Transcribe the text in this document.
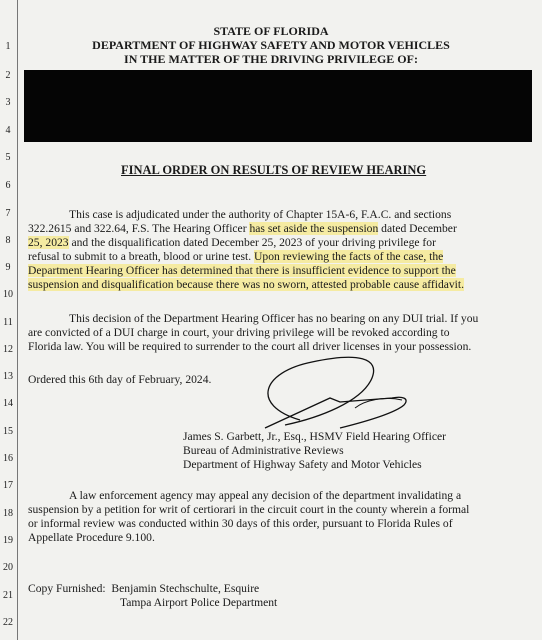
1
2
3
4
5
6
7
8
9
10
11
12
13
14
15
16
17
18
19
20
21
22
STATE OF FLORIDA
DEPARTMENT OF HIGHWAY SAFETY AND MOTOR VEHICLES
IN THE MATTER OF THE DRIVING PRIVILEGE OF:
FINAL ORDER ON RESULTS OF REVIEW HEARING
This case is adjudicated under the authority of Chapter 15A-6, F.A.C. and sections
322.2615 and 322.64, F.S. The Hearing Officer has set aside the suspension dated December
25, 2023 and the disqualification dated December 25, 2023 of your driving privilege for
refusal to submit to a breath, blood or urine test. Upon reviewing the facts of the case, the
Department Hearing Officer has determined that there is insufficient evidence to support the
suspension and disqualification because there was no sworn, attested probable cause affidavit.
This decision of the Department Hearing Officer has no bearing on any DUI trial. If you
are convicted of a DUI charge in court, your driving privilege will be revoked according to
Florida law. You will be required to surrender to the court all driver licenses in your possession.
Ordered this 6th day of February, 2024.
James S. Garbett, Jr., Esq., HSMV Field Hearing Officer
Bureau of Administrative Reviews
Department of Highway Safety and Motor Vehicles
A law enforcement agency may appeal any decision of the department invalidating a
suspension by a petition for writ of certiorari in the circuit court in the county wherein a formal
or informal review was conducted within 30 days of this order, pursuant to Florida Rules of
Appellate Procedure 9.100.
Copy Furnished: Benjamin Stechschulte, Esquire
Tampa Airport Police Department
